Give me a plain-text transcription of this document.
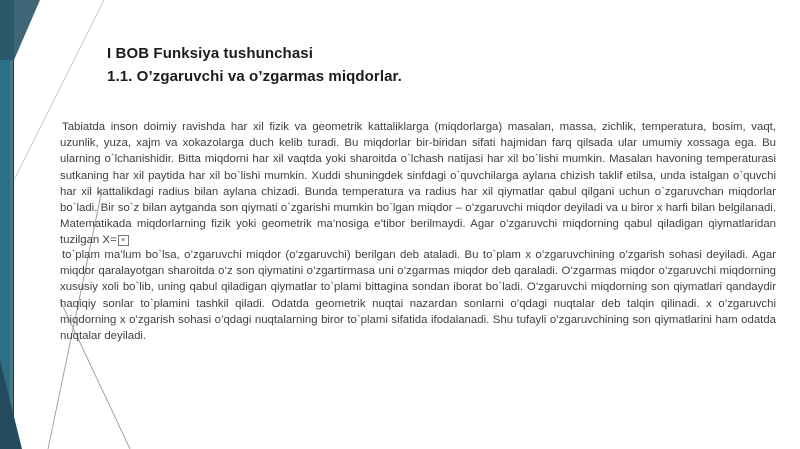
I BOB Funksiya tushunchasi
1.1. O’zgaruvchi va o’zgarmas miqdorlar.
Tabiatda inson doimiy ravishda har xil fizik va geometrik kattaliklarga (miqdorlarga) masalan, massa, zichlik, temperatura, bosim, vaqt, uzunlik, yuza, xajm va xokazolarga duch kelib turadi. Bu miqdorlar bir-biridan sifati hajmidan farq qilsada ular umumiy xossaga ega. Bu ularning o`lchanishidir. Bitta miqdorni har xil vaqtda yoki sharoitda o`lchash natijasi har xil bo`lishi mumkin. Masalan havoning temperaturasi sutkaning har xil paytida har xil bo`lishi mumkin. Xuddi shuningdek sinfdagi o`quvchilarga aylana chizish taklif etilsa, unda istalgan o`quvchi har xil kattalikdagi radius bilan aylana chizadi. Bunda temperatura va radius har xil qiymatlar qabul qilgani uchun o`zgaruvchan miqdorlar bo`ladi. Bir so`z bilan aytganda son qiymati o`zgarishi mumkin bo`lgan miqdor – o’zgaruvchi miqdor deyiladi va u biror x harfi bilan belgilanadi. Matematikada miqdorlarning fizik yoki geometrik ma’nosiga e’tibor berilmaydi. Agar o’zgaruvchi miqdorning qabul qiladigan qiymatlaridan tuzilgan X= ×
to`plam ma’lum bo`lsa, o’zgaruvchi miqdor (o’zgaruvchi) berilgan deb ataladi. Bu to`plam x o’zgaruvchining o’zgarish sohasi deyiladi. Agar miqdor qaralayotgan sharoitda o’z son qiymatini o’zgartirmasa uni o’zgarmas miqdor deb qaraladi. O’zgarmas miqdor o’zgaruvchi miqdorning xususiy xoli bo`lib, uning qabul qiladigan qiymatlar to`plami bittagina sondan iborat bo`ladi. O’zgaruvchi miqdorning son qiymatlari qandaydir haqiqiy sonlar to`plamini tashkil qiladi. Odatda geometrik nuqtai nazardan sonlarni o’qdagi nuqtalar deb talqin qilinadi. x o’zgaruvchi miqdorning x o’zgarish sohasi o’qdagi nuqtalarning biror to`plami sifatida ifodalanadi. Shu tufayli o’zgaruvchining son qiymatlarini ham odatda nuqtalar deyiladi.
